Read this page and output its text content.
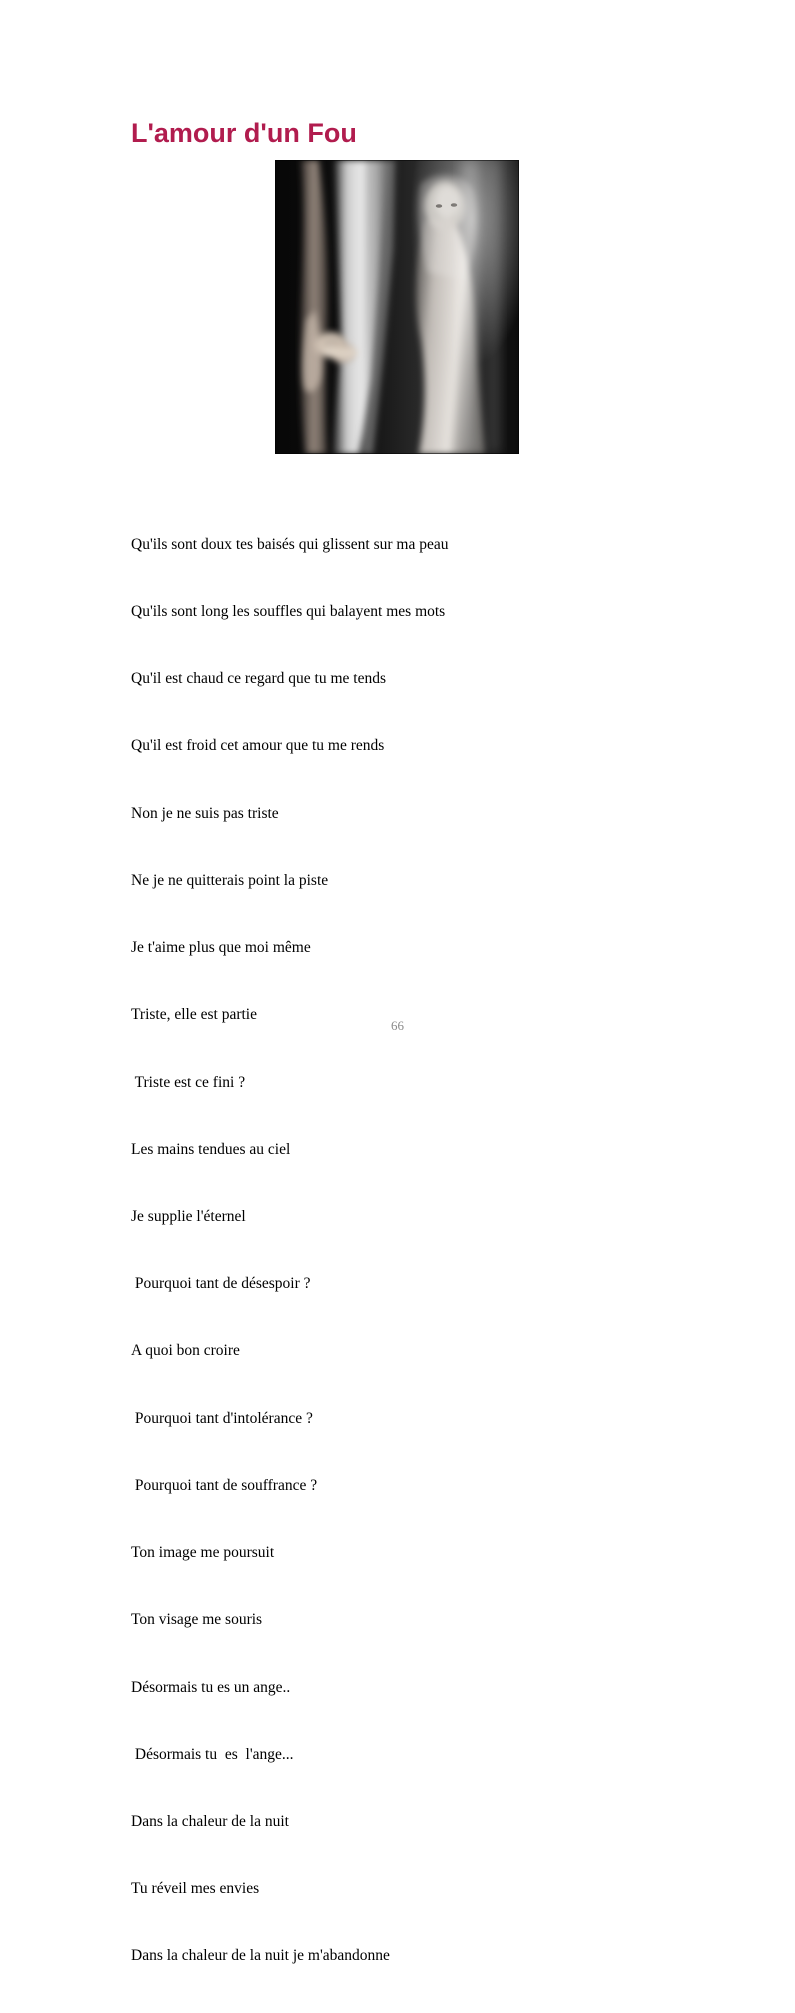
L'amour d'un Fou

Qu'ils sont doux tes baisés qui glissent sur ma peau

Qu'ils sont long les souffles qui balayent mes mots

Qu'il est chaud ce regard que tu me tends

Qu'il est froid cet amour que tu me rends

Non je ne suis pas triste

Ne je ne quitterais point la piste

Je t'aime plus que moi même

Triste, elle est partie

Triste est ce fini ?

Les mains tendues au ciel

Je supplie l'éternel

Pourquoi tant de désespoir ?

A quoi bon croire

Pourquoi tant d'intolérance ?

Pourquoi tant de souffrance ?

Ton image me poursuit

Ton visage me souris

Désormais tu es un ange..

Désormais tu  es  l'ange...

Dans la chaleur de la nuit

Tu réveil mes envies

Dans la chaleur de la nuit je m'abandonne

66
